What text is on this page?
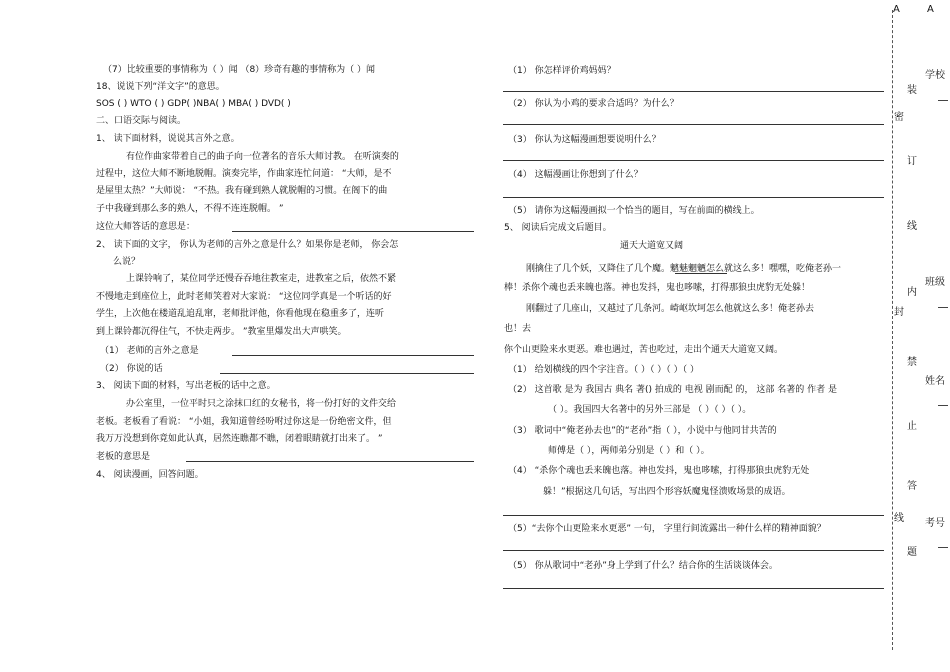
（7）比较重要的事情称为（ ）闻 （8）珍奇有趣的事情称为（ ）闻
18、说说下列“洋文字”的意思。
SOS ( ) WTO ( ) GDP( )NBA( ) MBA( ) DVD( )
二、口语交际与阅读。
1、 读下面材料，说说其言外之意。
有位作曲家带着自己的曲子向一位著名的音乐大师讨教。 在听演奏的
过程中，这位大师不断地脱帽。演奏完毕，作曲家连忙问道： “大师，是不
是屋里太热？”大师说： “不热。我有碰到熟人就脱帽的习惯。在阁下的曲
子中我碰到那么多的熟人，不得不连连脱帽。 ”
这位大师答话的意思是：
2、 读下面的文字， 你认为老师的言外之意是什么？如果你是老师， 你会怎
么说？
上课铃响了，某位同学还慢吞吞地往教室走，进教室之后，依然不紧
不慢地走到座位上，此时老师笑着对大家说： “这位同学真是一个听话的好
学生，上次他在楼道乱追乱窜，老师批评他，你看他现在稳重多了，连听
到上课铃都沉得住气，不快走两步。 ”教室里爆发出大声哄笑。
（1） 老师的言外之意是
（2） 你说的话
3、 阅读下面的材料，写出老板的话中之意。
办公室里，一位平时只之涂抹口红的女秘书，将一份打好的文件交给
老板。老板看了看说： “小姐，我知道曾经吩咐过你这是一份绝密文件，但
我万万没想到你竟如此认真，居然连瞧都不瞧，闭着眼睛就打出来了。 ”
老板的意思是
4、 阅读漫画，回答问题。
（1） 你怎样评价鸡妈妈？
（2） 你认为小鸡的要求合适吗？为什么？
（3） 你认为这幅漫画想要说明什么？
（4） 这幅漫画让你想到了什么？
（5） 请你为这幅漫画拟一个恰当的题目，写在前面的横线上。
5、 阅读后完成文后题目。
通天大道宽又阔
刚擒住了几个妖，又降住了几个魔。魑魅魍魉怎么就这么多！嘿嘿，吃俺老孙一
棒！杀你个魂也丢来魄也落。神也发抖，鬼也哆嗦，打得那狼虫虎豹无处躲！
刚翻过了几座山，又越过了几条河。崎岖坎坷怎么他就这么多！俺老孙去
也！去
你个山更险来水更恶。难也遇过，苦也吃过，走出个通天大道宽又阔。
（1） 给划横线的四个字注音。（ ）（ ）（ ）（ ）
（2） 这首歌 是为 我国古 典名 著() 拍成的 电视 剧而配 的， 这部 名著的 作者 是
（ ）。我国四大名著中的另外三部是 （ ）（ ）（ ）。
（3） 歌词中“俺老孙去也”的“老孙”指（ ），小说中与他同甘共苦的
师傅是（ ），两师弟分别是（ ）和（ ）。
（4） “杀你个魂也丢来魄也落。神也发抖，鬼也哆嗦，打得那狼虫虎豹无处
躲！”根据这几句话，写出四个形容妖魔鬼怪溃败场景的成语。
（5）“去你个山更险来水更恶” 一句， 字里行间流露出一种什么样的精神面貌？
（5） 你从歌词中“老孙”身上学到了什么？结合你的生活谈谈体会。
A	A
装
密
订
线
内
封
禁
止
答
线
题
学校
班级
姓名
考号
